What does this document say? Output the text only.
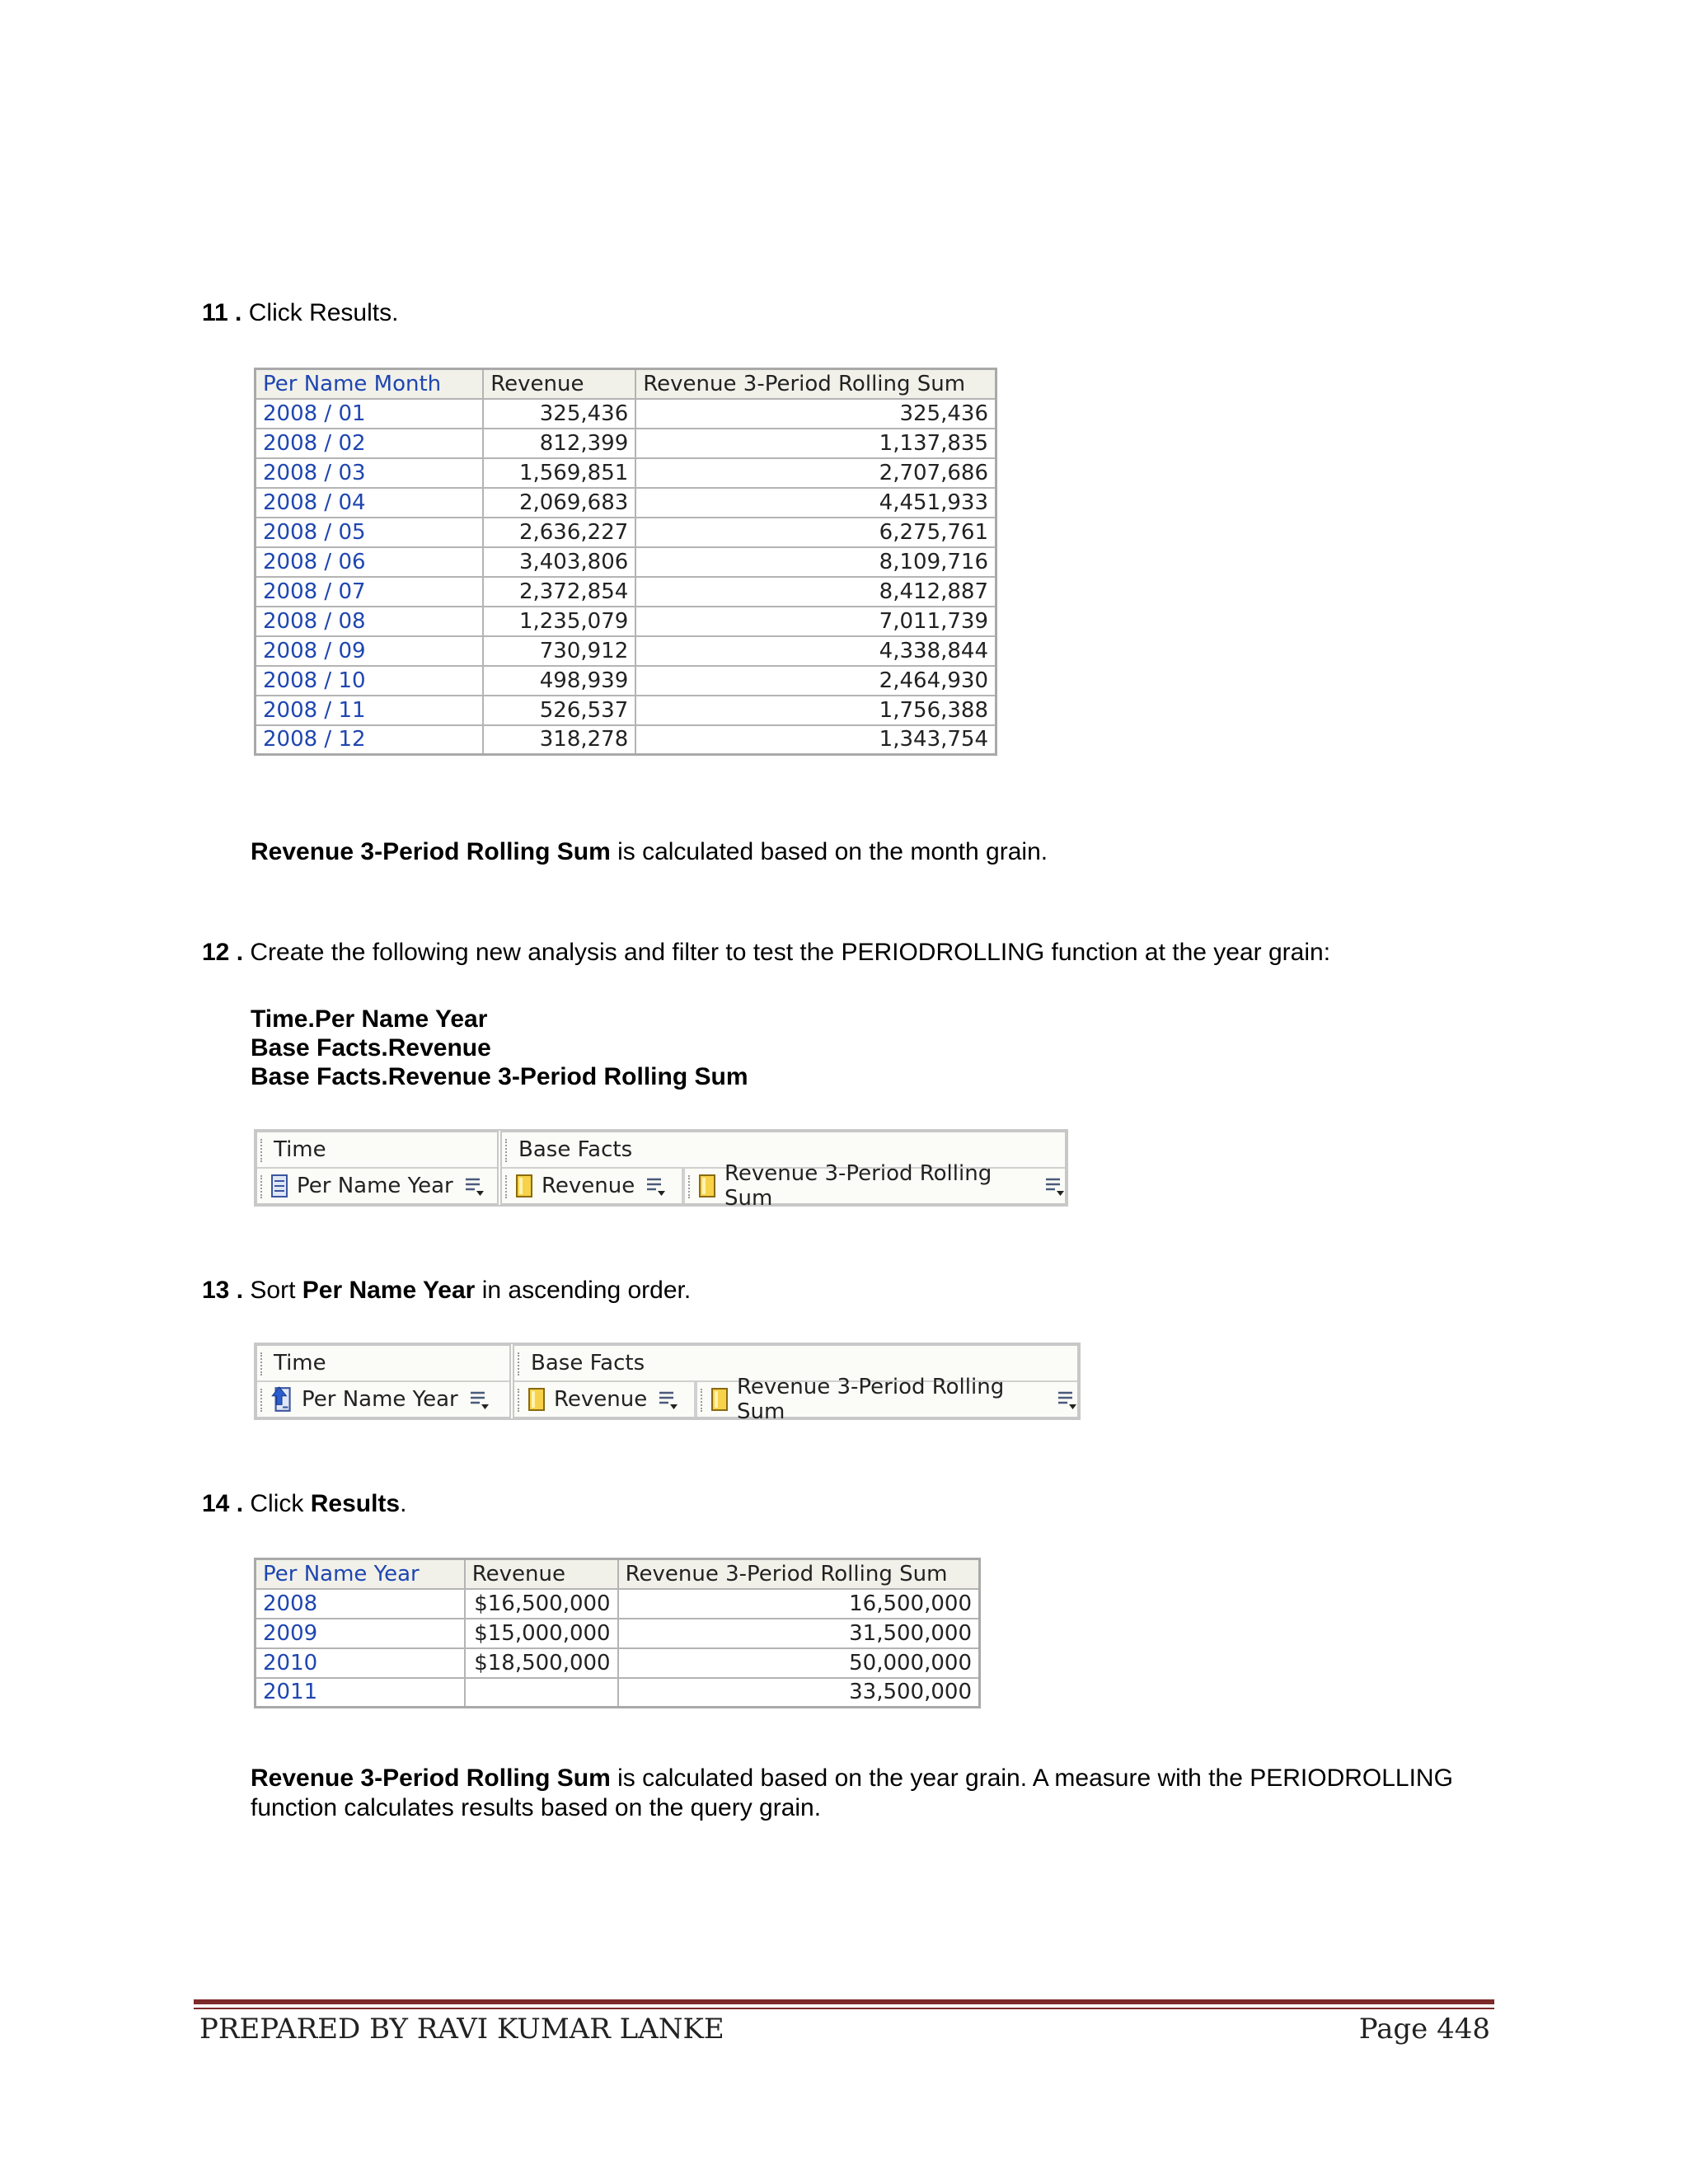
11 . Click Results.
Per Name Month	Revenue	Revenue 3-Period Rolling Sum
2008 / 01	325,436	325,436
2008 / 02	812,399	1,137,835
2008 / 03	1,569,851	2,707,686
2008 / 04	2,069,683	4,451,933
2008 / 05	2,636,227	6,275,761
2008 / 06	3,403,806	8,109,716
2008 / 07	2,372,854	8,412,887
2008 / 08	1,235,079	7,011,739
2008 / 09	730,912	4,338,844
2008 / 10	498,939	2,464,930
2008 / 11	526,537	1,756,388
2008 / 12	318,278	1,343,754
Revenue 3-Period Rolling Sum is calculated based on the month grain.
12 . Create the following new analysis and filter to test the PERIODROLLING function at the year grain:
Time.Per Name Year
Base Facts.Revenue
Base Facts.Revenue 3-Period Rolling Sum
Time
Per Name Year
Base Facts
Revenue	Revenue 3-Period Rolling Sum
13 . Sort Per Name Year in ascending order.
Time
Per Name Year
Base Facts
Revenue	Revenue 3-Period Rolling Sum
14 . Click Results.
Per Name Year	Revenue	Revenue 3-Period Rolling Sum
2008	$16,500,000	16,500,000
2009	$15,000,000	31,500,000
2010	$18,500,000	50,000,000
2011		33,500,000
Revenue 3-Period Rolling Sum is calculated based on the year grain. A measure with the PERIODROLLING
function calculates results based on the query grain.
PREPARED BY RAVI KUMAR LANKE	Page 448
